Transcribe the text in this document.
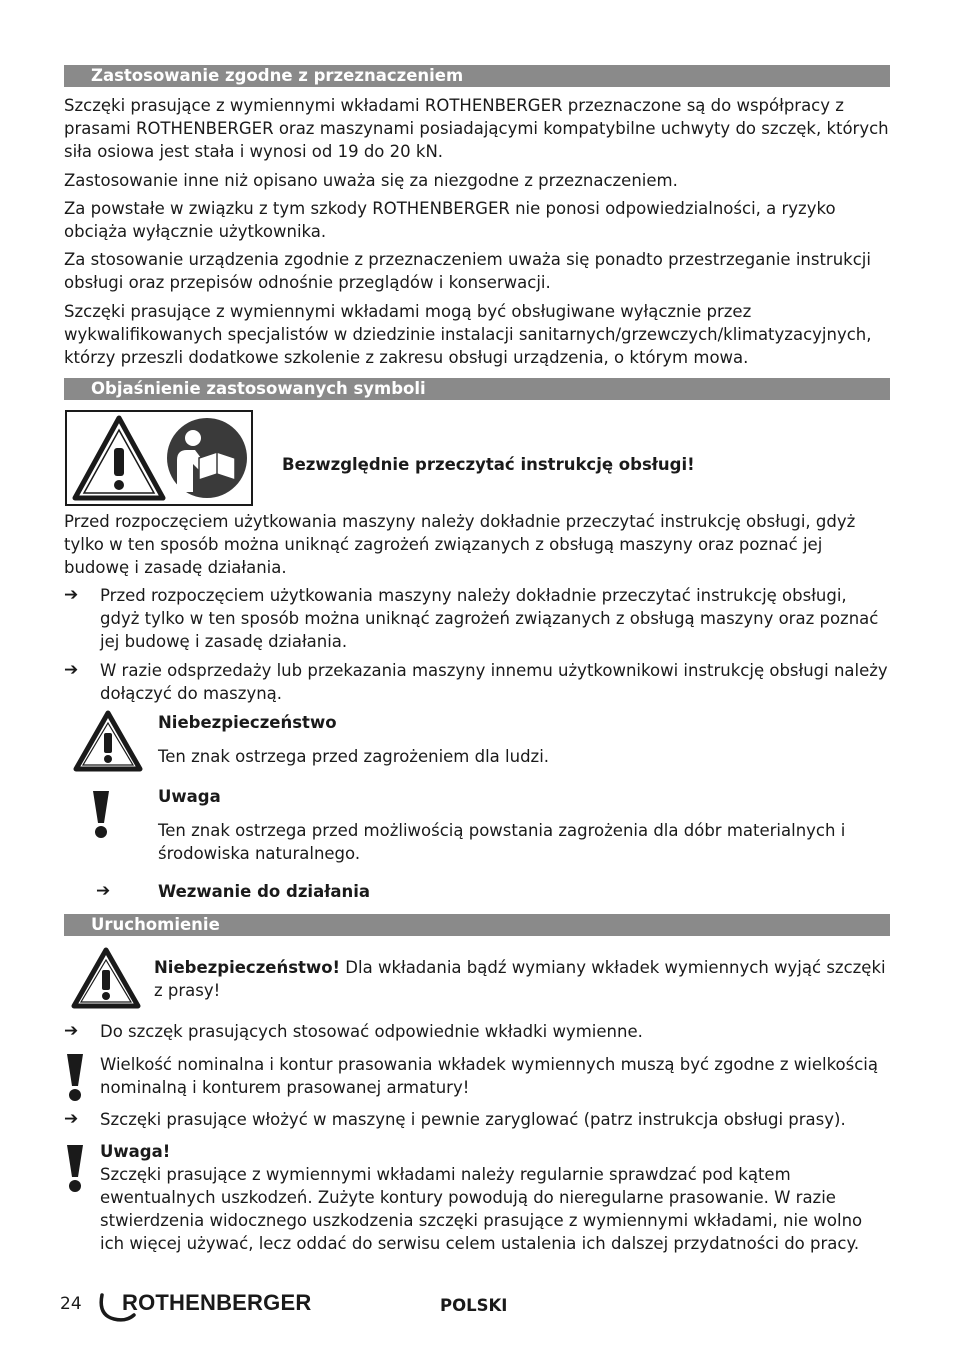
Zastosowanie zgodne z przeznaczeniem

Szczęki prasujące z wymiennymi wkładami ROTHENBERGER przeznaczone są do współpracy z prasami ROTHENBERGER oraz maszynami posiadającymi kompatybilne uchwyty do szczęk, których siła osiowa jest stała i wynosi od 19 do 20 kN.

Zastosowanie inne niż opisano uważa się za niezgodne z przeznaczeniem.

Za powstałe w związku z tym szkody ROTHENBERGER nie ponosi odpowiedzialności, a ryzyko obciąża wyłącznie użytkownika.

Za stosowanie urządzenia zgodnie z przeznaczeniem uważa się ponadto przestrzeganie instrukcji obsługi oraz przepisów odnośnie przeglądów i konserwacji.

Szczęki prasujące z wymiennymi wkładami mogą być obsługiwane wyłącznie przez wykwalifikowanych specjalistów w dziedzinie instalacji sanitarnych/grzewczych/klimatyzacyjnych, którzy przeszli dodatkowe szkolenie z zakresu obsługi urządzenia, o którym mowa.

Objaśnienie zastosowanych symboli
Bezwzględnie przeczytać instrukcję obsługi!

Przed rozpoczęciem użytkowania maszyny należy dokładnie przeczytać instrukcję obsługi, gdyż tylko w ten sposób można uniknąć zagrożeń związanych z obsługą maszyny oraz poznać jej budowę i zasadę działania.

➔ Przed rozpoczęciem użytkowania maszyny należy dokładnie przeczytać instrukcję obsługi, gdyż tylko w ten sposób można uniknąć zagrożeń związanych z obsługą maszyny oraz poznać jej budowę i zasadę działania.
➔ W razie odsprzedaży lub przekazania maszyny innemu użytkownikowi instrukcję obsługi należy dołączyć do maszyną.
Niebezpieczeństwo
Ten znak ostrzega przed zagrożeniem dla ludzi.
Uwaga
Ten znak ostrzega przed możliwością powstania zagrożenia dla dóbr materialnych i środowiska naturalnego.
➔	Wezwanie do działania
Uruchomienie
Niebezpieczeństwo! Dla wkładania bądź wymiany wkładek wymiennych wyjąć szczęki z prasy!
➔ Do szczęk prasujących stosować odpowiednie wkładki wymienne.
Wielkość nominalna i kontur prasowania wkładek wymiennych muszą być zgodne z wielkością nominalną i konturem prasowanej armatury!
➔ Szczęki prasujące włożyć w maszynę i pewnie zaryglować (patrz instrukcja obsługi prasy).
Uwaga!
Szczęki prasujące z wymiennymi wkładami należy regularnie sprawdzać pod kątem ewentualnych uszkodzeń. Zużyte kontury powodują do nieregularne prasowanie. W razie stwierdzenia widocznego uszkodzenia szczęki prasujące z wymiennymi wkładami, nie wolno ich więcej używać, lecz oddać do serwisu celem ustalenia ich dalszej przydatności do pracy.
24 ROTHENBERGER	POLSKI
